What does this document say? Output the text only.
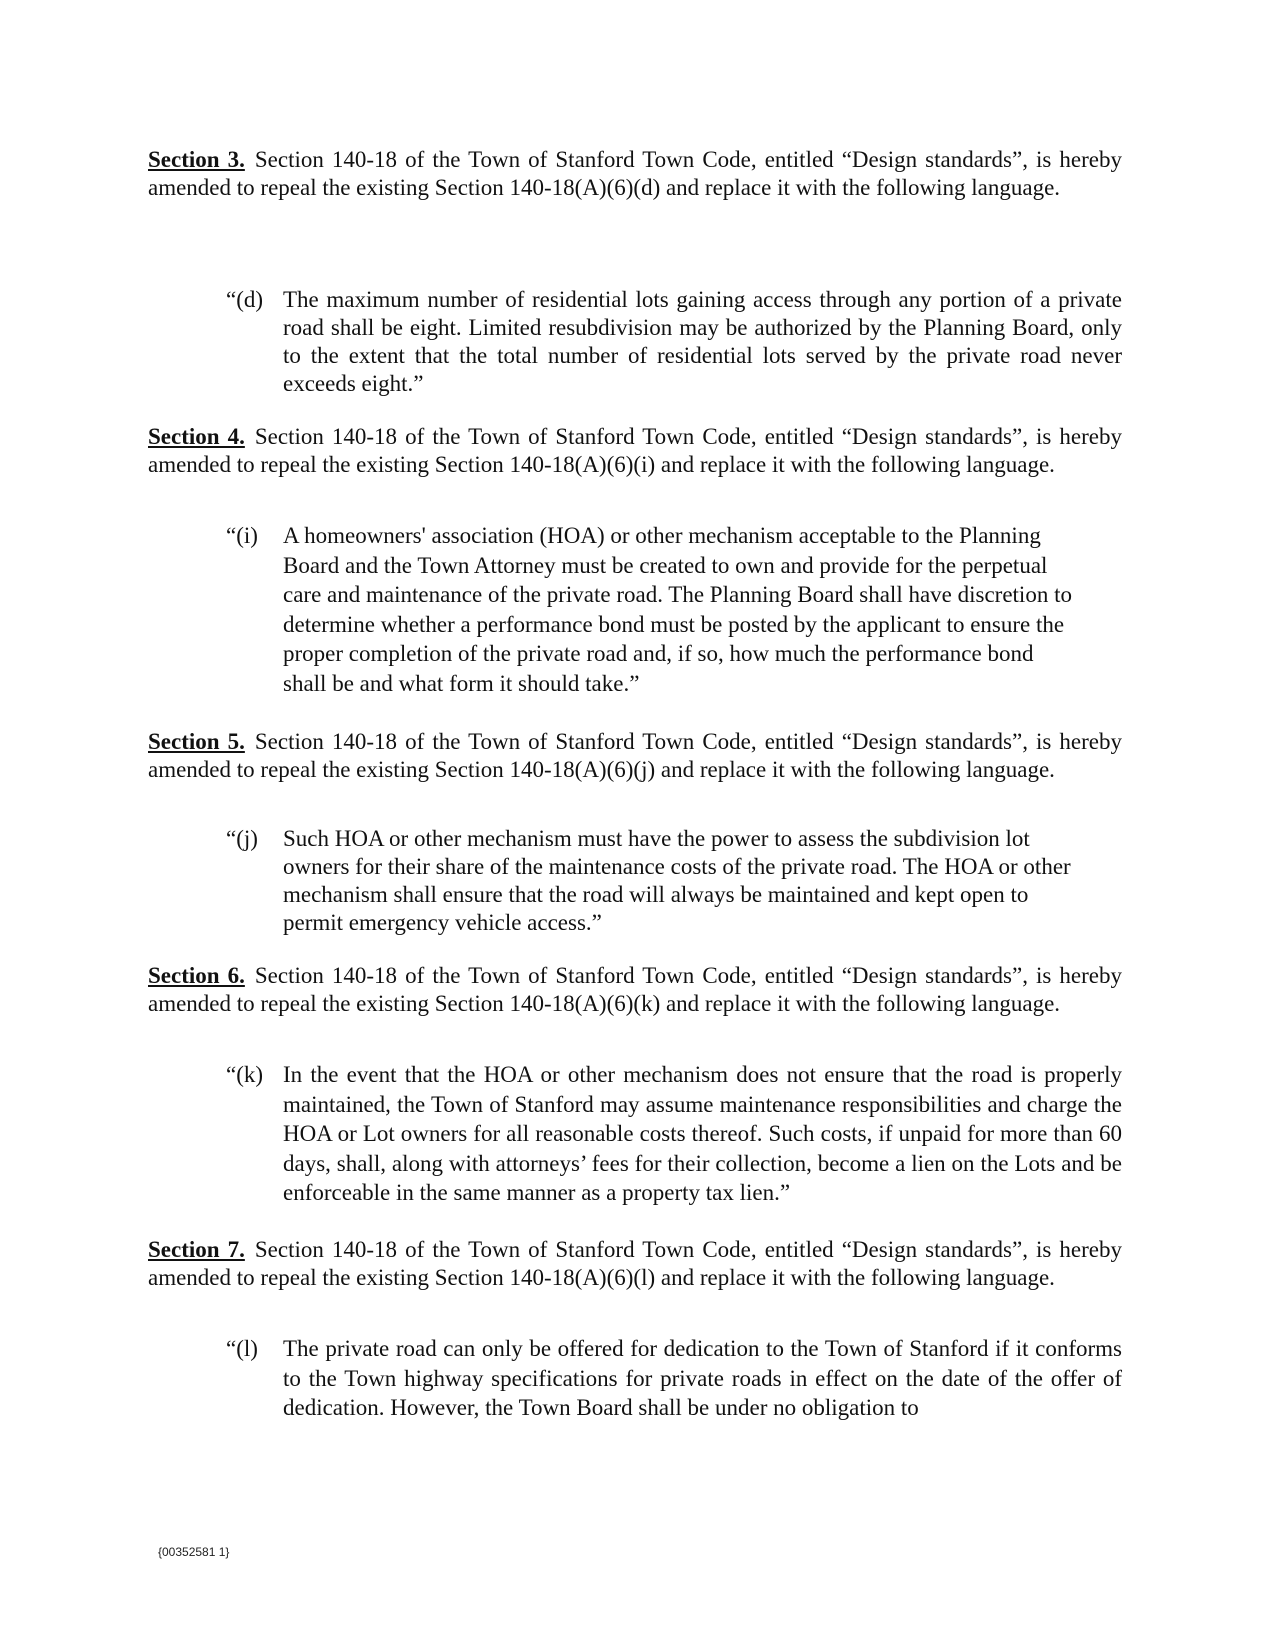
Section 3. Section 140-18 of the Town of Stanford Town Code, entitled “Design standards”, is hereby amended to repeal the existing Section 140-18(A)(6)(d) and replace it with the following language.

“(d) The maximum number of residential lots gaining access through any portion of a private road shall be eight. Limited resubdivision may be authorized by the Planning Board, only to the extent that the total number of residential lots served by the private road never exceeds eight.”

Section 4. Section 140-18 of the Town of Stanford Town Code, entitled “Design standards”, is hereby amended to repeal the existing Section 140-18(A)(6)(i) and replace it with the following language.

“(i) A homeowners' association (HOA) or other mechanism acceptable to the Planning Board and the Town Attorney must be created to own and provide for the perpetual care and maintenance of the private road. The Planning Board shall have discretion to determine whether a performance bond must be posted by the applicant to ensure the proper completion of the private road and, if so, how much the performance bond shall be and what form it should take.”

Section 5. Section 140-18 of the Town of Stanford Town Code, entitled “Design standards”, is hereby amended to repeal the existing Section 140-18(A)(6)(j) and replace it with the following language.

“(j) Such HOA or other mechanism must have the power to assess the subdivision lot owners for their share of the maintenance costs of the private road. The HOA or other mechanism shall ensure that the road will always be maintained and kept open to permit emergency vehicle access.”

Section 6. Section 140-18 of the Town of Stanford Town Code, entitled “Design standards”, is hereby amended to repeal the existing Section 140-18(A)(6)(k) and replace it with the following language.

“(k) In the event that the HOA or other mechanism does not ensure that the road is properly maintained, the Town of Stanford may assume maintenance responsibilities and charge the HOA or Lot owners for all reasonable costs thereof. Such costs, if unpaid for more than 60 days, shall, along with attorneys’ fees for their collection, become a lien on the Lots and be enforceable in the same manner as a property tax lien.”

Section 7. Section 140-18 of the Town of Stanford Town Code, entitled “Design standards”, is hereby amended to repeal the existing Section 140-18(A)(6)(l) and replace it with the following language.

“(l) The private road can only be offered for dedication to the Town of Stanford if it conforms to the Town highway specifications for private roads in effect on the date of the offer of dedication. However, the Town Board shall be under no obligation to
{00352581 1}
